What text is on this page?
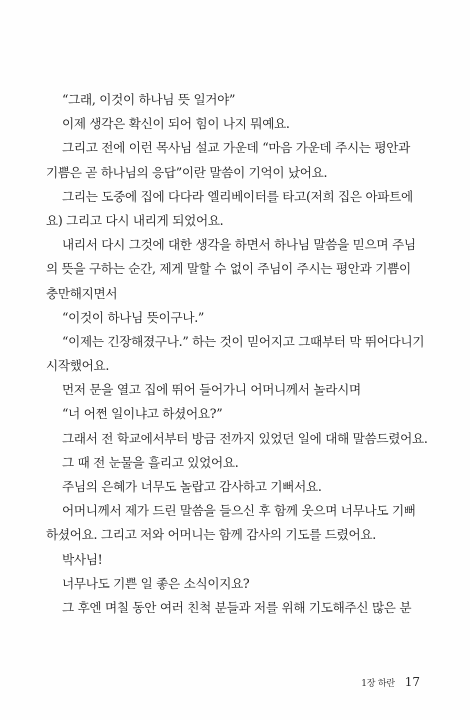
“그래, 이것이 하나님 뜻 일거야”
이제 생각은 확신이 되어 힘이 나지 뭐예요.
그리고 전에 이런 목사님 설교 가운데 “마음 가운데 주시는 평안과
기쁨은 곧 하나님의 응답”이란 말씀이 기억이 났어요.
그리는 도중에 집에 다다라 엘리베이터를 타고(저희 집은 아파트에
요) 그리고 다시 내리게 되었어요.
내리서 다시 그것에 대한 생각을 하면서 하나님 말씀을 믿으며 주님
의 뜻을 구하는 순간, 제게 말할 수 없이 주님이 주시는 평안과 기쁨이
충만해지면서
“이것이 하나님 뜻이구나.”
“이제는 긴장해졌구나.” 하는 것이 믿어지고 그때부터 막 뛰어다니기
시작했어요.
먼저 문을 열고 집에 뛰어 들어가니 어머니께서 놀라시며
“너 어쩐 일이냐고 하셨어요?”
그래서 전 학교에서부터 방금 전까지 있었던 일에 대해 말씀드렸어요.
그 때 전 눈물을 흘리고 있었어요.
주님의 은혜가 너무도 놀랍고 감사하고 기뻐서요.
어머니께서 제가 드린 말씀을 들으신 후 함께 웃으며 너무나도 기뻐
하셨어요. 그리고 저와 어머니는 함께 감사의 기도를 드렸어요.
박사님!
너무나도 기쁜 일 좋은 소식이지요?
그 후엔 며칠 동안 여러 친척 분들과 저를 위해 기도해주신 많은 분
1장 하란 17
